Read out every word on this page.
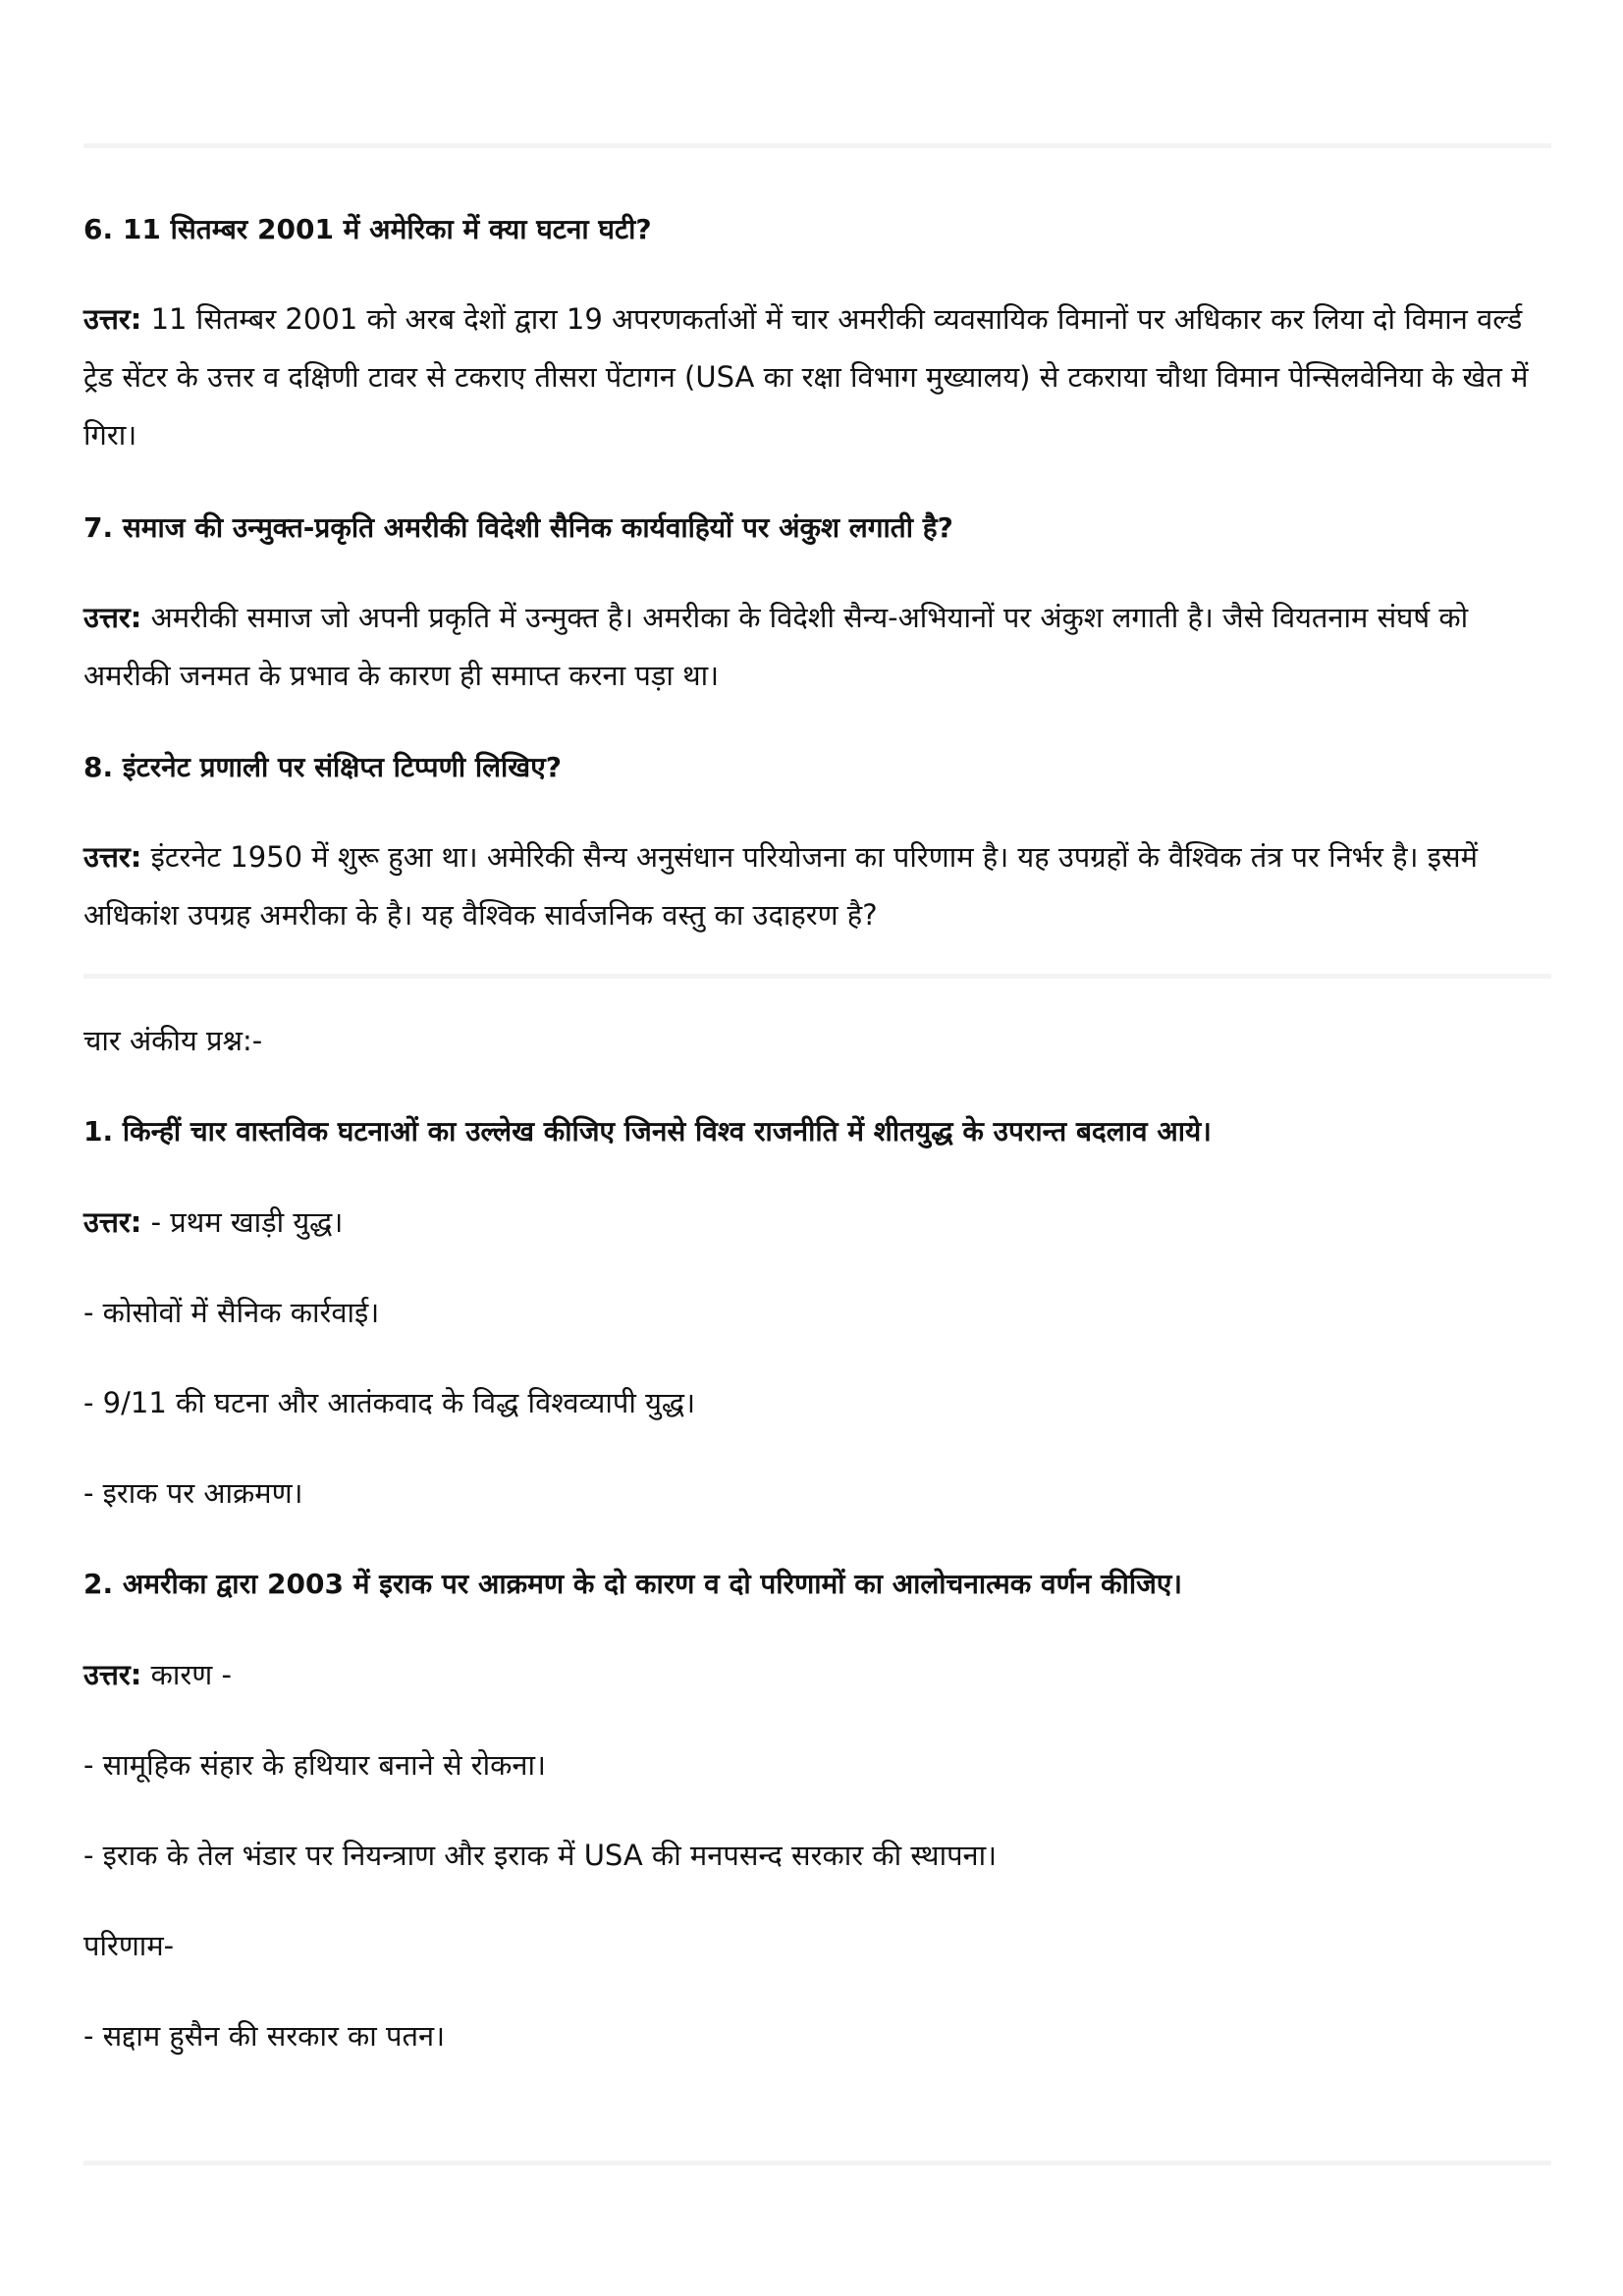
6. 11 सितम्बर 2001 में अमेरिका में क्या घटना घटी?

उत्तर: 11 सितम्बर 2001 को अरब देशों द्वारा 19 अपरणकर्ताओं में चार अमरीकी व्यवसायिक विमानों पर अधिकार कर लिया दो विमान वर्ल्ड ट्रेड सेंटर के उत्तर व दक्षिणी टावर से टकराए तीसरा पेंटागन (USA का रक्षा विभाग मुख्यालय) से टकराया चौथा विमान पेन्सिलवेनिया के खेत में गिरा।

7. समाज की उन्मुक्त-प्रकृति अमरीकी विदेशी सैनिक कार्यवाहियों पर अंकुश लगाती है?

उत्तर: अमरीकी समाज जो अपनी प्रकृति में उन्मुक्त है। अमरीका के विदेशी सैन्य-अभियानों पर अंकुश लगाती है। जैसे वियतनाम संघर्ष को अमरीकी जनमत के प्रभाव के कारण ही समाप्त करना पड़ा था।

8. इंटरनेट प्रणाली पर संक्षिप्त टिप्पणी लिखिए?

उत्तर: इंटरनेट 1950 में शुरू हुआ था। अमेरिकी सैन्य अनुसंधान परियोजना का परिणाम है। यह उपग्रहों के वैश्विक तंत्र पर निर्भर है। इसमें अधिकांश उपग्रह अमरीका के है। यह वैश्विक सार्वजनिक वस्तु का उदाहरण है?

चार अंकीय प्रश्न:-
1. किन्हीं चार वास्तविक घटनाओं का उल्लेख कीजिए जिनसे विश्व राजनीति में शीतयुद्ध के उपरान्त बदलाव आये।
उत्तर: - प्रथम खाड़ी युद्ध।
- कोसोवों में सैनिक कार्रवाई।
- 9/11 की घटना और आतंकवाद के विद्ध विश्वव्यापी युद्ध।
- इराक पर आक्रमण।
2. अमरीका द्वारा 2003 में इराक पर आक्रमण के दो कारण व दो परिणामों का आलोचनात्मक वर्णन कीजिए।
उत्तर: कारण -
- सामूहिक संहार के हथियार बनाने से रोकना।
- इराक के तेल भंडार पर नियन्त्राण और इराक में USA की मनपसन्द सरकार की स्थापना।
परिणाम-
- सद्दाम हुसैन की सरकार का पतन।
